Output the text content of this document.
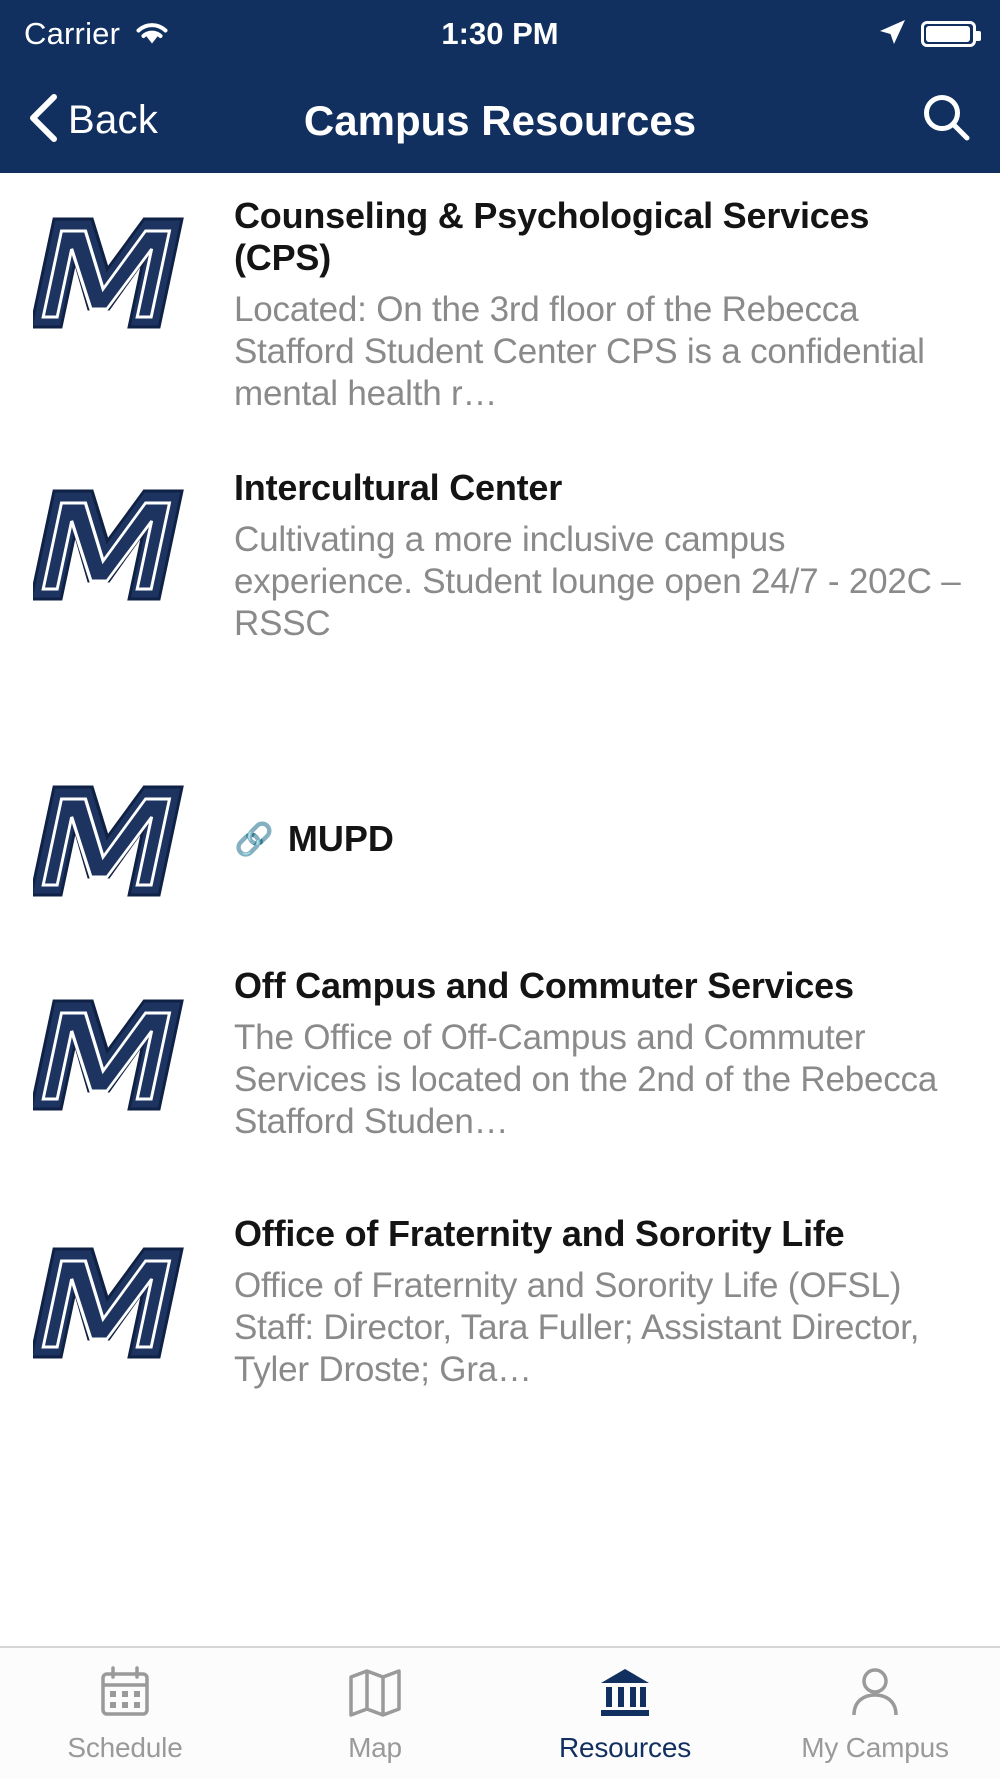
Carrier	1:30 PM
Back	Campus Resources
Counseling & Psychological Services (CPS)
Located: On the 3rd floor of the Rebecca Stafford Student Center CPS is a confidential mental health r…
Intercultural Center
Cultivating a more inclusive campus experience. Student lounge open 24/7 - 202C – RSSC
🔗 MUPD
Off Campus and Commuter Services
The Office of Off-Campus and Commuter Services is located on the 2nd of the Rebecca Stafford Studen…
Office of Fraternity and Sorority Life
Office of Fraternity and Sorority Life (OFSL) Staff: Director, Tara Fuller; Assistant Director, Tyler Droste; Gra…
Schedule	Map	Resources	My Campus
